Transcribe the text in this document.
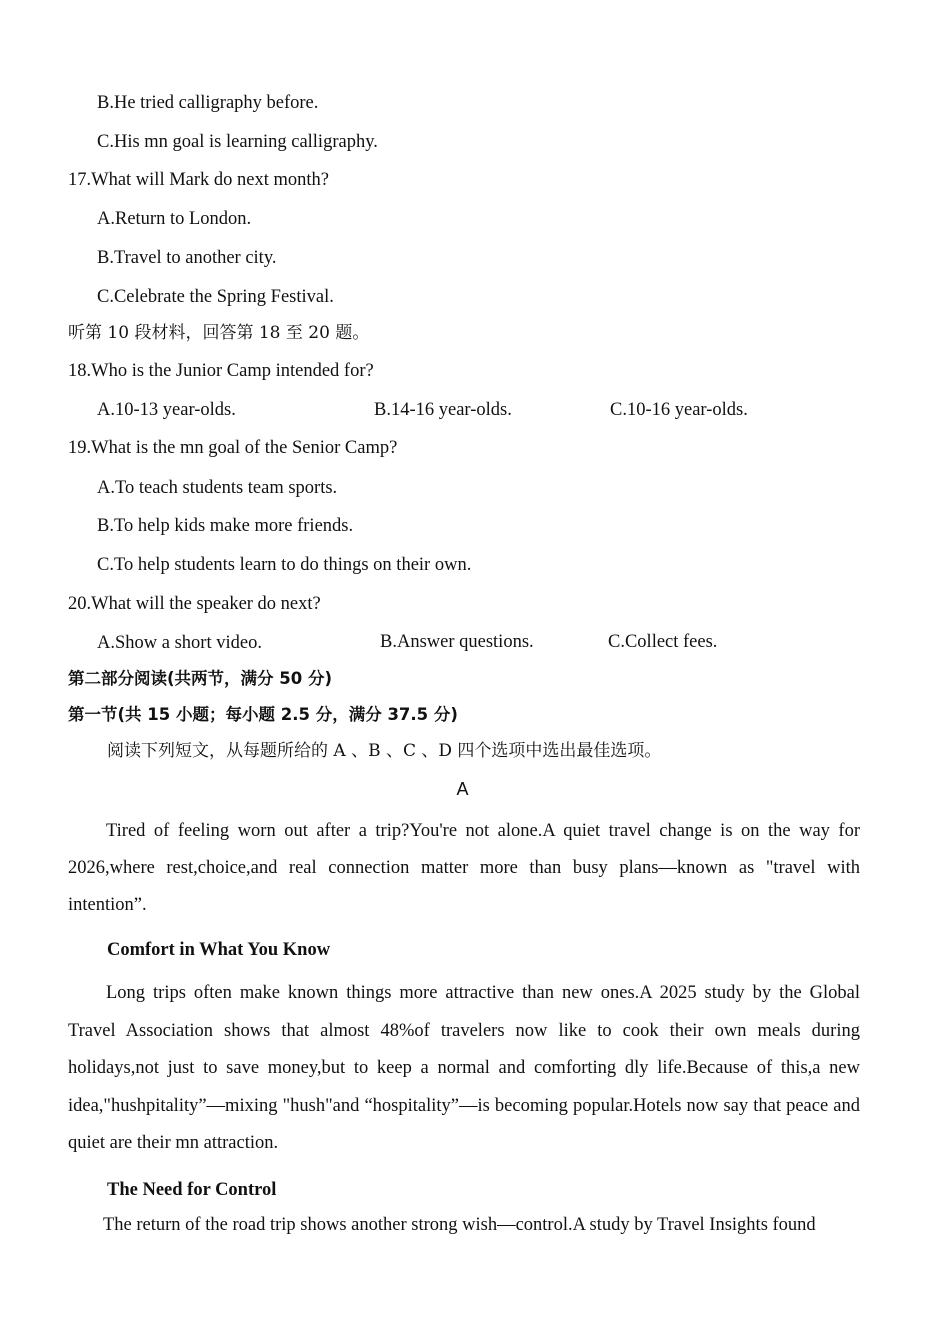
B.He tried calligraphy before.
C.His mn goal is learning calligraphy.
17.What will Mark do next month?
A.Return to London.
B.Travel to another city.
C.Celebrate the Spring Festival.
听第 10 段材料，回答第 18 至 20 题。
18.Who is the Junior Camp intended for?
A.10-13 year-olds.	B.14-16 year-olds.	C.10-16 year-olds.
19.What is the mn goal of the Senior Camp?
A.To teach students team sports.
B.To help kids make more friends.
C.To help students learn to do things on their own.
20.What will the speaker do next?
A.Show a short video.	B.Answer questions.	C.Collect fees.
第二部分阅读(共两节，满分 50 分)
第一节(共 15 小题；每小题 2.5 分，满分 37.5 分)
阅读下列短文，从每题所给的 A 、B 、C 、D 四个选项中选出最佳选项。
A

Tired of feeling worn out after a trip?You're not alone.A quiet travel change is on the way for 2026,where rest,choice,and real connection matter more than busy plans—known as "travel with intention”.

Comfort in What You Know

Long trips often make known things more attractive than new ones.A 2025 study by the Global Travel Association shows that almost 48%of travelers now like to cook their own meals during holidays,not just to save money,but to keep a normal and comforting dly life.Because of this,a new idea,"hushpitality”—mixing "hush"and “hospitality”—is becoming popular.Hotels now say that peace and quiet are their mn attraction.

The Need for Control

The return of the road trip shows another strong wish—control.A study by Travel Insights found
